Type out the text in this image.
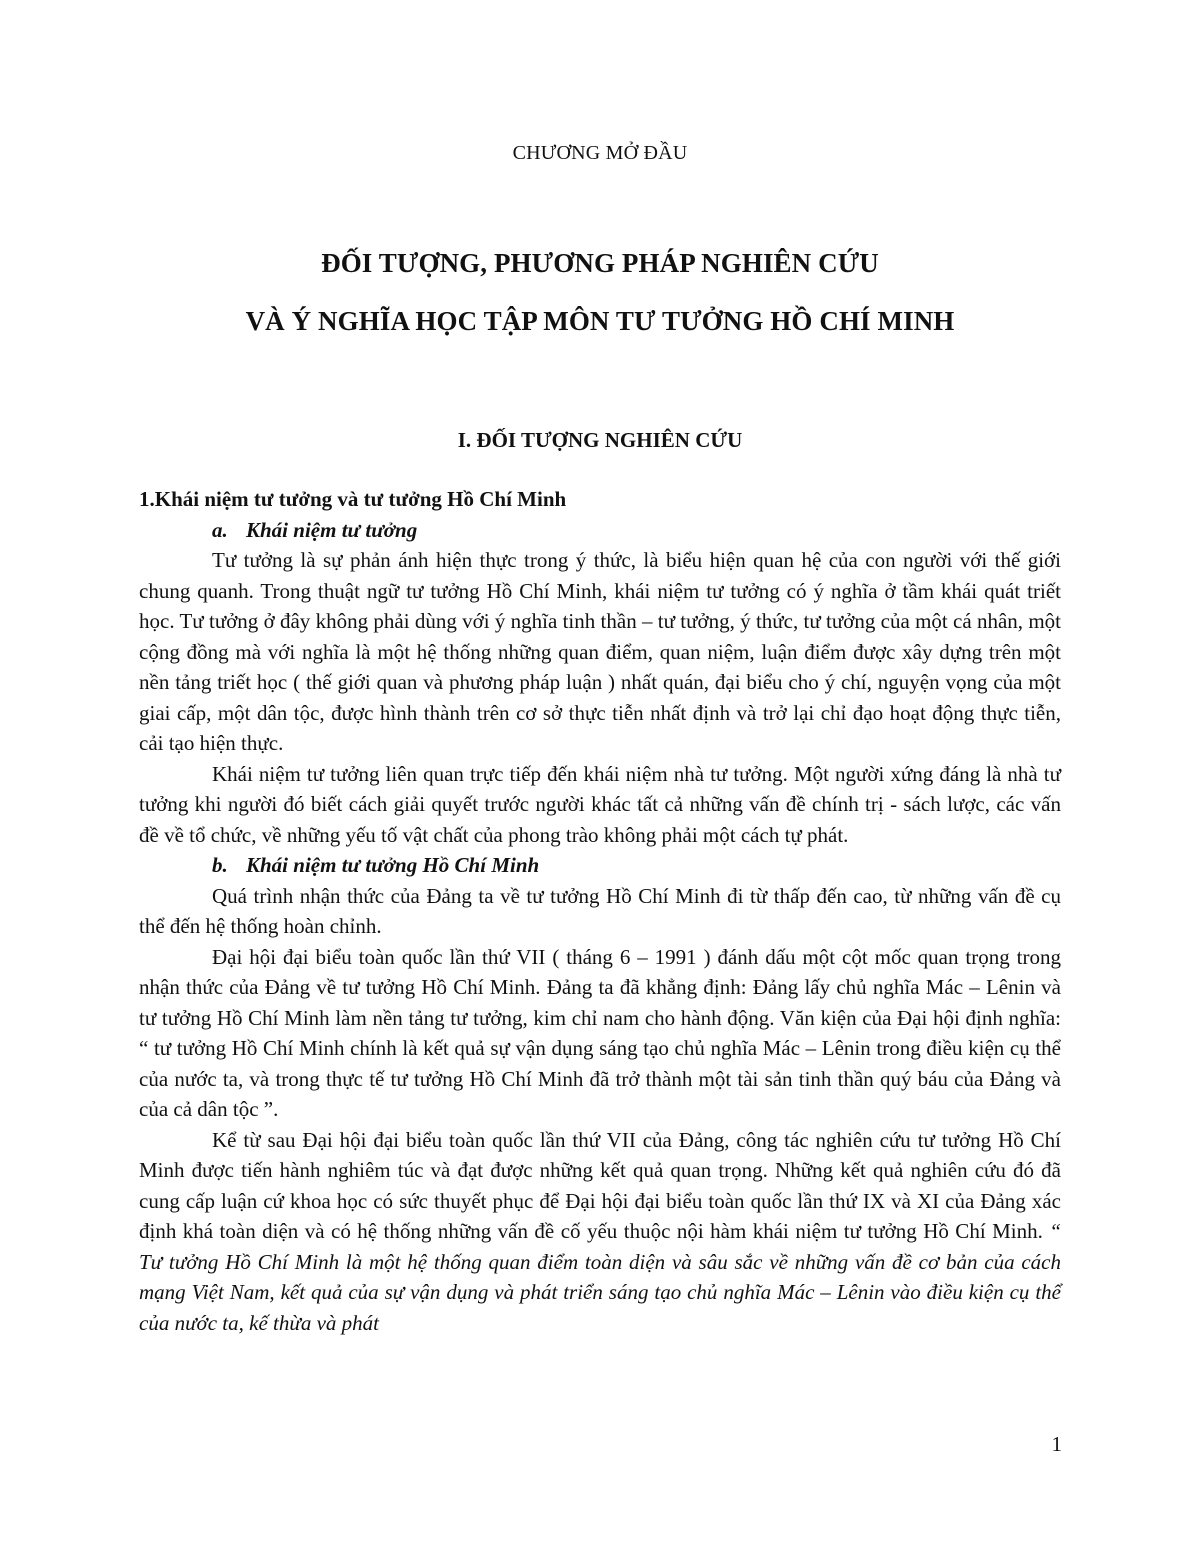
CHƯƠNG MỞ ĐẦU
ĐỐI TƯỢNG, PHƯƠNG PHÁP NGHIÊN CỨU
VÀ Ý NGHĨA HỌC TẬP MÔN TƯ TƯỞNG HỒ CHÍ MINH
I. ĐỐI TƯỢNG NGHIÊN CỨU

1.Khái niệm tư tưởng và tư tưởng Hồ Chí Minh

a. Khái niệm tư tưởng

Tư tưởng là sự phản ánh hiện thực trong ý thức, là biểu hiện quan hệ của con người với thế giới chung quanh. Trong thuật ngữ tư tưởng Hồ Chí Minh, khái niệm tư tưởng có ý nghĩa ở tầm khái quát triết học. Tư tưởng ở đây không phải dùng với ý nghĩa tinh thần – tư tưởng, ý thức, tư tưởng của một cá nhân, một cộng đồng mà với nghĩa là một hệ thống những quan điểm, quan niệm, luận điểm được xây dựng trên một nền tảng triết học ( thế giới quan và phương pháp luận ) nhất quán, đại biểu cho ý chí, nguyện vọng của một giai cấp, một dân tộc, được hình thành trên cơ sở thực tiễn nhất định và trở lại chỉ đạo hoạt động thực tiễn, cải tạo hiện thực.

Khái niệm tư tưởng liên quan trực tiếp đến khái niệm nhà tư tưởng. Một người xứng đáng là nhà tư tưởng khi người đó biết cách giải quyết trước người khác tất cả những vấn đề chính trị - sách lược, các vấn đề về tổ chức, về những yếu tố vật chất của phong trào không phải một cách tự phát.

b. Khái niệm tư tưởng Hồ Chí Minh

Quá trình nhận thức của Đảng ta về tư tưởng Hồ Chí Minh đi từ thấp đến cao, từ những vấn đề cụ thể đến hệ thống hoàn chỉnh.

Đại hội đại biểu toàn quốc lần thứ VII ( tháng 6 – 1991 ) đánh dấu một cột mốc quan trọng trong nhận thức của Đảng về tư tưởng Hồ Chí Minh. Đảng ta đã khẳng định: Đảng lấy chủ nghĩa Mác – Lênin và tư tưởng Hồ Chí Minh làm nền tảng tư tưởng, kim chỉ nam cho hành động. Văn kiện của Đại hội định nghĩa: “ tư tưởng Hồ Chí Minh chính là kết quả sự vận dụng sáng tạo chủ nghĩa Mác – Lênin trong điều kiện cụ thể của nước ta, và trong thực tế tư tưởng Hồ Chí Minh đã trở thành một tài sản tinh thần quý báu của Đảng và của cả dân tộc ”.

Kể từ sau Đại hội đại biểu toàn quốc lần thứ VII của Đảng, công tác nghiên cứu tư tưởng Hồ Chí Minh được tiến hành nghiêm túc và đạt được những kết quả quan trọng. Những kết quả nghiên cứu đó đã cung cấp luận cứ khoa học có sức thuyết phục để Đại hội đại biểu toàn quốc lần thứ IX và XI của Đảng xác định khá toàn diện và có hệ thống những vấn đề cố yếu thuộc nội hàm khái niệm tư tưởng Hồ Chí Minh. “ Tư tưởng Hồ Chí Minh là một hệ thống quan điểm toàn diện và sâu sắc về những vấn đề cơ bản của cách mạng Việt Nam, kết quả của sự vận dụng và phát triển sáng tạo chủ nghĩa Mác – Lênin vào điều kiện cụ thể của nước ta, kế thừa và phát

1
